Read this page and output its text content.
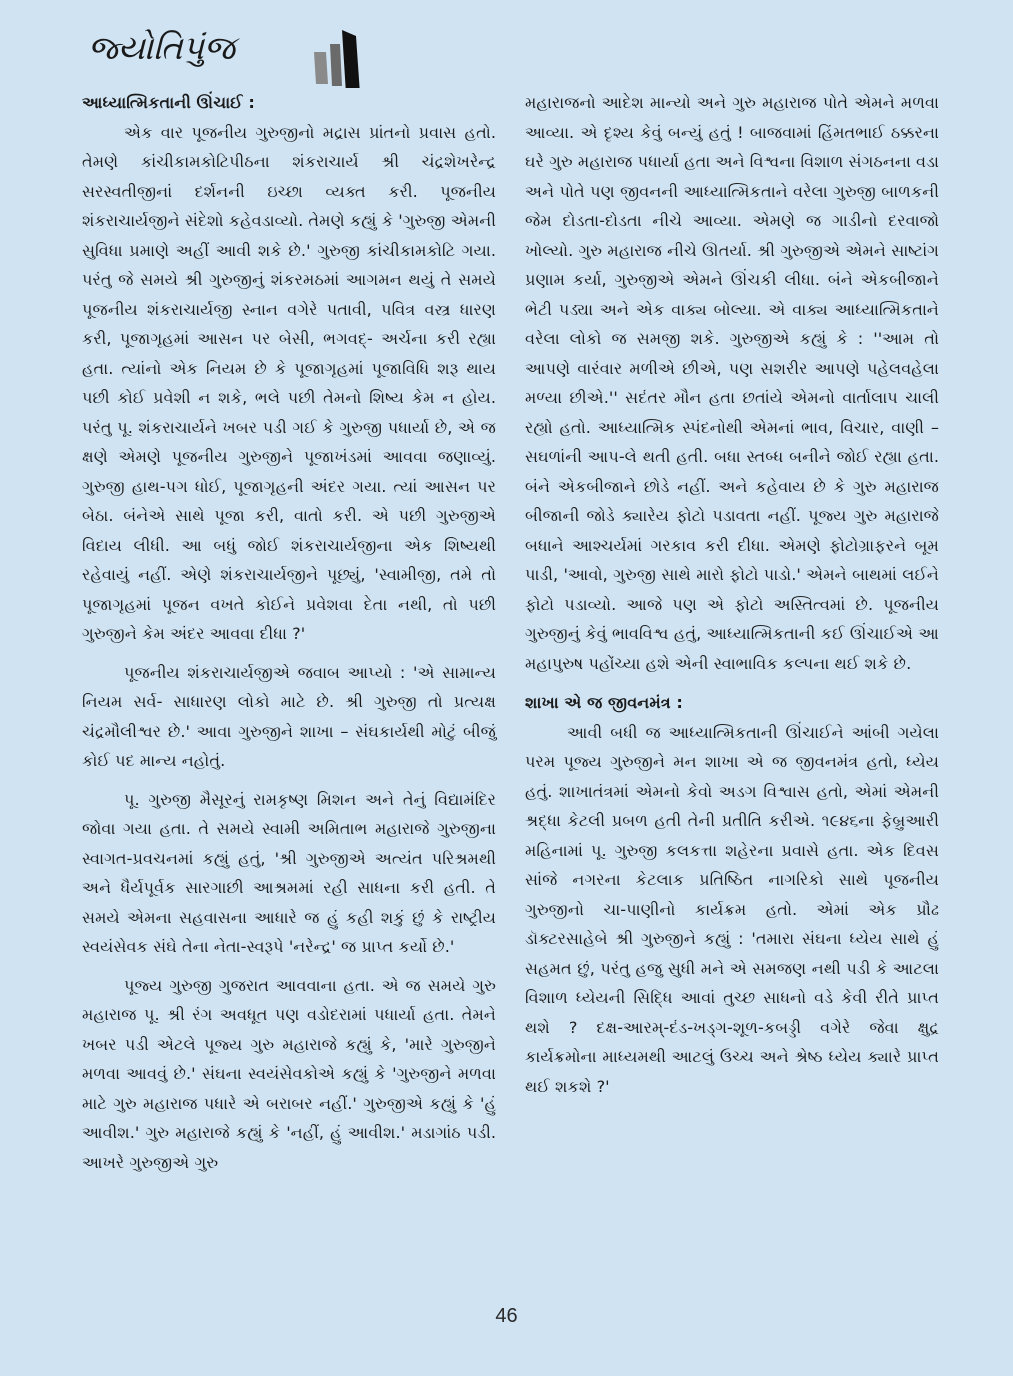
જ્યોતિપુંજ
આધ્યાત્મિકતાની ઊંચાઈ :

એક વાર પૂજનીય ગુરુજીનો મદ્રાસ પ્રાંતનો પ્રવાસ હતો. તેમણે કાંચીકામકોટિપીઠના શંકરાચાર્ય શ્રી ચંદ્રશેખરેન્દ્ર સરસ્વતીજીનાં દર્શનની ઇચ્છા વ્યક્ત કરી. પૂજનીય શંકરાચાર્યજીને સંદેશો કહેવડાવ્યો. તેમણે કહ્યું કે 'ગુરુજી એમની સુવિધા પ્રમાણે અહીં આવી શકે છે.' ગુરુજી કાંચીકામકોટિ ગયા. પરંતુ જે સમયે શ્રી ગુરુજીનું શંકરમઠમાં આગમન થયું તે સમયે પૂજનીય શંકરાચાર્યજી સ્નાન વગેરે પતાવી, પવિત્ર વસ્ત્ર ધારણ કરી, પૂજાગૃહમાં આસન પર બેસી, ભગવદ્‌- અર્ચના કરી રહ્યા હતા. ત્યાંનો એક નિયમ છે કે પૂજાગૃહમાં પૂજાવિધિ શરૂ થાય પછી કોઈ પ્રવેશી ન શકે, ભલે પછી તેમનો શિષ્ય કેમ ન હોય. પરંતુ પૂ. શંકરાચાર્યને ખબર પડી ગઈ કે ગુરુજી પધાર્યા છે, એ જ ક્ષણે એમણે પૂજનીય ગુરુજીને પૂજાખંડમાં આવવા જણાવ્યું. ગુરુજી હાથ-પગ ધોઈ, પૂજાગૃહની અંદર ગયા. ત્યાં આસન પર બેઠા. બંનેએ સાથે પૂજા કરી, વાતો કરી. એ પછી ગુરુજીએ વિદાય લીધી. આ બધું જોઈ શંકરાચાર્યજીના એક શિષ્યથી રહેવાયું નહીં. એણે શંકરાચાર્યજીને પૂછ્યું, 'સ્વામીજી, તમે તો પૂજાગૃહમાં પૂજન વખતે કોઈને પ્રવેશવા દેતા નથી, તો પછી ગુરુજીને કેમ અંદર આવવા દીધા ?'

પૂજનીય શંકરાચાર્યજીએ જવાબ આપ્યો : 'એ સામાન્ય નિયમ સર્વ- સાધારણ લોકો માટે છે. શ્રી ગુરુજી તો પ્રત્યક્ષ ચંદ્રમૌલીશ્વર છે.' આવા ગુરુજીને શાખા – સંઘકાર્યથી મોટું બીજું કોઈ પદ માન્ય નહોતું.

પૂ. ગુરુજી મૈસૂરનું રામકૃષ્ણ મિશન અને તેનું વિદ્યામંદિર જોવા ગયા હતા. તે સમયે સ્વામી અમિતાભ મહારાજે ગુરુજીના સ્વાગત-પ્રવચનમાં કહ્યું હતું, 'શ્રી ગુરુજીએ અત્યંત પરિશ્રમથી અને ધૈર્યપૂર્વક સારગાછી આશ્રમમાં રહી સાધના કરી હતી. તે સમયે એમના સહવાસના આધારે જ હું કહી શકું છું કે રાષ્ટ્રીય સ્વયંસેવક સંઘે તેના નેતા-સ્વરૂપે 'નરેન્દ્ર' જ પ્રાપ્ત કર્યો છે.'

પૂજ્ય ગુરુજી ગુજરાત આવવાના હતા. એ જ સમયે ગુરુ મહારાજ પૂ. શ્રી રંગ અવધૂત પણ વડોદરામાં પધાર્યા હતા. તેમને ખબર પડી એટલે પૂજ્ય ગુરુ મહારાજે કહ્યું કે, 'મારે ગુરુજીને મળવા આવવું છે.' સંઘના સ્વયંસેવકોએ કહ્યું કે 'ગુરુજીને મળવા માટે ગુરુ મહારાજ પધારે એ બરાબર નહીં.' ગુરુજીએ કહ્યું કે 'હું આવીશ.' ગુરુ મહારાજે કહ્યું કે 'નહીં, હું આવીશ.' મડાગાંઠ પડી. આખરે ગુરુજીએ ગુરુ

મહારાજનો આદેશ માન્યો અને ગુરુ મહારાજ પોતે એમને મળવા આવ્યા. એ દૃશ્ય કેવું બન્યું હતું ! બાજવામાં હિંમતભાઈ ઠક્કરના ઘરે ગુરુ મહારાજ પધાર્યા હતા અને વિશ્વના વિશાળ સંગઠનના વડા અને પોતે પણ જીવનની આધ્યાત્મિકતાને વરેલા ગુરુજી બાળકની જેમ દોડતા-દોડતા નીચે આવ્યા. એમણે જ ગાડીનો દરવાજો ખોલ્યો. ગુરુ મહારાજ નીચે ઊતર્યા. શ્રી ગુરુજીએ એમને સાષ્ટાંગ પ્રણામ કર્યા, ગુરુજીએ એમને ઊંચકી લીધા. બંને એકબીજાને ભેટી પડ્યા અને એક વાક્ય બોલ્યા. એ વાક્ય આધ્યાત્મિકતાને વરેલા લોકો જ સમજી શકે. ગુરુજીએ કહ્યું કે : ''આમ તો આપણે વારંવાર મળીએ છીએ, પણ સશરીર આપણે પહેલવહેલા મળ્યા છીએ.'' સદંતર મૌન હતા છતાંયે એમનો વાર્તાલાપ ચાલી રહ્યો હતો. આધ્યાત્મિક સ્પંદનોથી એમનાં ભાવ, વિચાર, વાણી – સઘળાંની આપ-લે થતી હતી. બધા સ્તબ્ધ બનીને જોઈ રહ્યા હતા. બંને એકબીજાને છોડે નહીં. અને કહેવાય છે કે ગુરુ મહારાજ બીજાની જોડે ક્યારેય ફોટો પડાવતા નહીં. પૂજ્ય ગુરુ મહારાજે બધાને આશ્ચર્યમાં ગરકાવ કરી દીધા. એમણે ફોટોગ્રાફરને બૂમ પાડી, 'આવો, ગુરુજી સાથે મારો ફોટો પાડો.' એમને બાથમાં લઈને ફોટો પડાવ્યો. આજે પણ એ ફોટો અસ્તિત્વમાં છે. પૂજનીય ગુરુજીનું કેવું ભાવવિશ્વ હતું, આધ્યાત્મિકતાની કઈ ઊંચાઈએ આ મહાપુરુષ પહોંચ્યા હશે એની સ્વાભાવિક કલ્પના થઈ શકે છે.

શાખા એ જ જીવનમંત્ર :

આવી બધી જ આધ્યાત્મિકતાની ઊંચાઈને આંબી ગયેલા પરમ પૂજ્ય ગુરુજીને મન શાખા એ જ જીવનમંત્ર હતો, ધ્યેય હતું. શાખાતંત્રમાં એમનો કેવો અડગ વિશ્વાસ હતો, એમાં એમની શ્રદ્ધા કેટલી પ્રબળ હતી તેની પ્રતીતિ કરીએ. ૧૯૪૬ના ફેબ્રુઆરી મહિનામાં પૂ. ગુરુજી કલકત્તા શહેરના પ્રવાસે હતા. એક દિવસ સાંજે નગરના કેટલાક પ્રતિષ્ઠિત નાગરિકો સાથે પૂજનીય ગુરુજીનો ચા-પાણીનો કાર્યક્રમ હતો. એમાં એક પ્રૌઢ ડૉક્ટરસાહેબે શ્રી ગુરુજીને કહ્યું : 'તમારા સંઘના ધ્યેય સાથે હું સહમત છું, પરંતુ હજુ સુધી મને એ સમજણ નથી પડી કે આટલા વિશાળ ધ્યેયની સિદ્ધિ આવાં તુચ્છ સાધનો વડે કેવી રીતે પ્રાપ્ત થશે ? દક્ષ-આરમ્‌-દંડ-ખડ્ગ-શૂળ-કબડ્ડી વગેરે જેવા ક્ષુદ્ર કાર્યક્રમોના માધ્યમથી આટલું ઉચ્ચ અને શ્રેષ્ઠ ધ્યેય ક્યારે પ્રાપ્ત થઈ શકશે ?'

46
